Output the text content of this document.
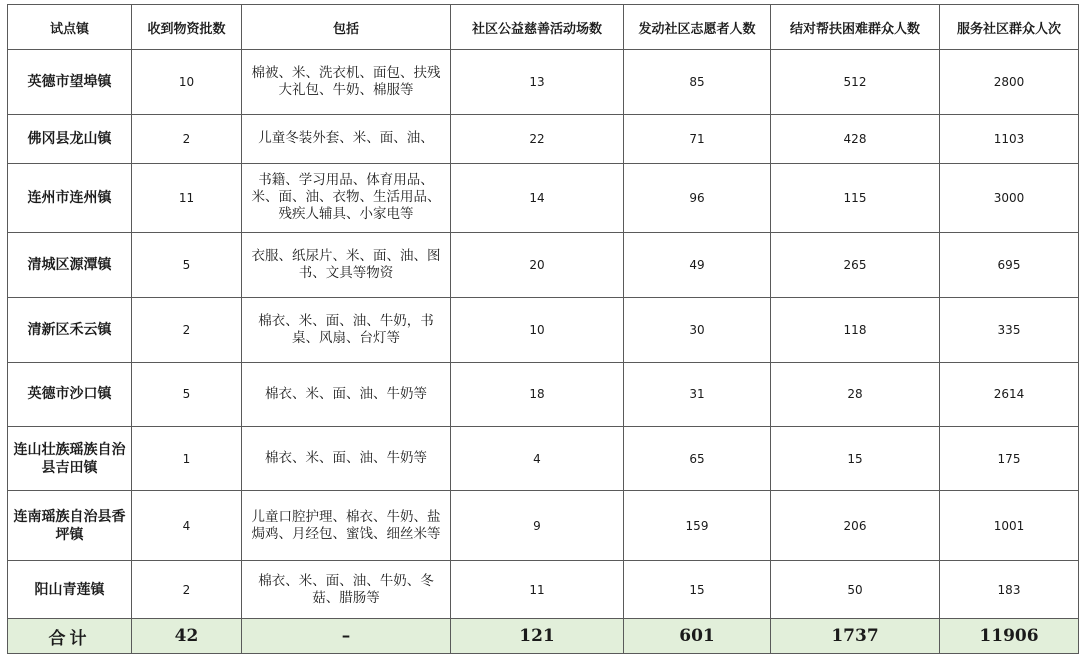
试点镇	收到物资批数	包括	社区公益慈善活动场数	发动社区志愿者人数	结对帮扶困难群众人数	服务社区群众人次
英德市望埠镇	10	棉被、米、洗衣机、面包、扶残大礼包、牛奶、棉服等	13	85	512	2800
佛冈县龙山镇	2	儿童冬装外套、米、面、油、	22	71	428	1103
连州市连州镇	11	书籍、学习用品、体育用品、米、面、油、衣物、生活用品、残疾人辅具、小家电等	14	96	115	3000
清城区源潭镇	5	衣服、纸尿片、米、面、油、图书、文具等物资	20	49	265	695
清新区禾云镇	2	棉衣、米、面、油、牛奶，书桌、风扇、台灯等	10	30	118	335
英德市沙口镇	5	棉衣、米、面、油、牛奶等	18	31	28	2614
连山壮族瑶族自治县吉田镇	1	棉衣、米、面、油、牛奶等	4	65	15	175
连南瑶族自治县香坪镇	4	儿童口腔护理、棉衣、牛奶、盐焗鸡、月经包、蜜饯、细丝米等	9	159	206	1001
阳山青莲镇	2	棉衣、米、面、油、牛奶、冬菇、腊肠等	11	15	50	183
合计	42	–	121	601	1737	11906
